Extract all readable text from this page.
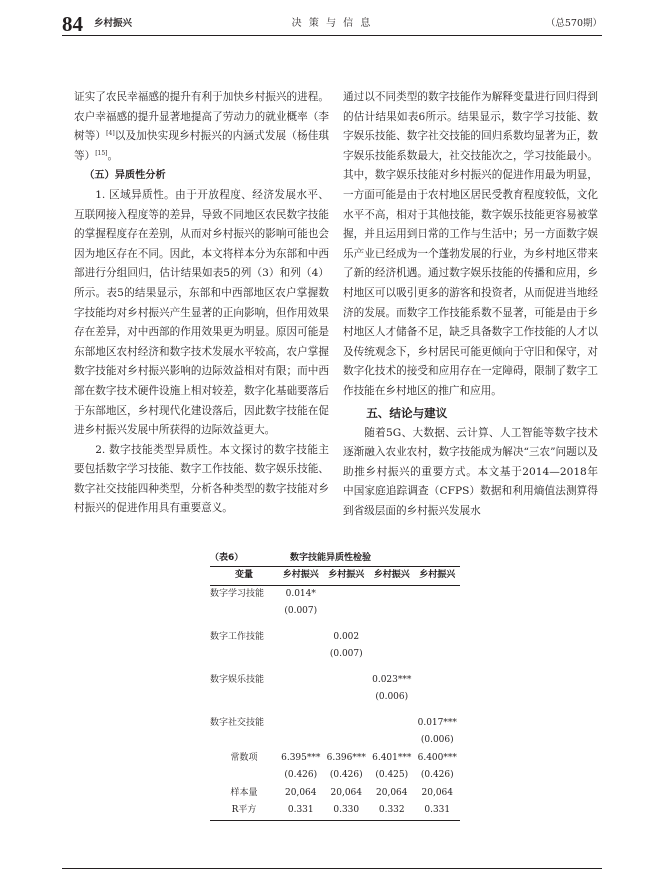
84 乡村振兴	决 策 与 信 息	（总570期）

证实了农民幸福感的提升有利于加快乡村振兴的进程。农户幸福感的提升显著地提高了劳动力的就业概率（李树等）[4]以及加快实现乡村振兴的内涵式发展（杨佳琪等）[15]。

（五）异质性分析

1. 区域异质性。由于开放程度、经济发展水平、互联网接入程度等的差异，导致不同地区农民数字技能的掌握程度存在差别，从而对乡村振兴的影响可能也会因为地区存在不同。因此，本文将样本分为东部和中西部进行分组回归，估计结果如表5的列（3）和列（4）所示。表5的结果显示，东部和中西部地区农户掌握数字技能均对乡村振兴产生显著的正向影响，但作用效果存在差异，对中西部的作用效果更为明显。原因可能是东部地区农村经济和数字技术发展水平较高，农户掌握数字技能对乡村振兴影响的边际效益相对有限；而中西部在数字技术硬件设施上相对较差，数字化基础要落后于东部地区，乡村现代化建设落后，因此数字技能在促进乡村振兴发展中所获得的边际效益更大。

2. 数字技能类型异质性。本文探讨的数字技能主要包括数字学习技能、数字工作技能、数字娱乐技能、数字社交技能四种类型，分析各种类型的数字技能对乡村振兴的促进作用具有重要意义。

通过以不同类型的数字技能作为解释变量进行回归得到的估计结果如表6所示。结果显示，数字学习技能、数字娱乐技能、数字社交技能的回归系数均显著为正，数字娱乐技能系数最大，社交技能次之，学习技能最小。其中，数字娱乐技能对乡村振兴的促进作用最为明显，一方面可能是由于农村地区居民受教育程度较低，文化水平不高，相对于其他技能，数字娱乐技能更容易被掌握，并且运用到日常的工作与生活中；另一方面数字娱乐产业已经成为一个蓬勃发展的行业，为乡村地区带来了新的经济机遇。通过数字娱乐技能的传播和应用，乡村地区可以吸引更多的游客和投资者，从而促进当地经济的发展。而数字工作技能系数不显著，可能是由于乡村地区人才储备不足，缺乏具备数字工作技能的人才以及传统观念下，乡村居民可能更倾向于守旧和保守，对数字化技术的接受和应用存在一定障碍，限制了数字工作技能在乡村地区的推广和应用。

五、结论与建议

随着5G、大数据、云计算、人工智能等数字技术逐渐融入农业农村，数字技能成为解决“三农”问题以及助推乡村振兴的重要方式。本文基于2014—2018年中国家庭追踪调查（CFPS）数据和利用熵值法测算得到省级层面的乡村振兴发展水

（表6）	数字技能异质性检验
变量	乡村振兴	乡村振兴	乡村振兴	乡村振兴
数字学习技能	0.014*			
	(0.007)			

数字工作技能		0.002		
		(0.007)		

数字娱乐技能			0.023***	
			(0.006)	

数字社交技能				0.017***
				(0.006)
常数项	6.395***	6.396***	6.401***	6.400***
	(0.426)	(0.426)	(0.425)	(0.426)
样本量	20,064	20,064	20,064	20,064
R平方	0.331	0.330	0.332	0.331
